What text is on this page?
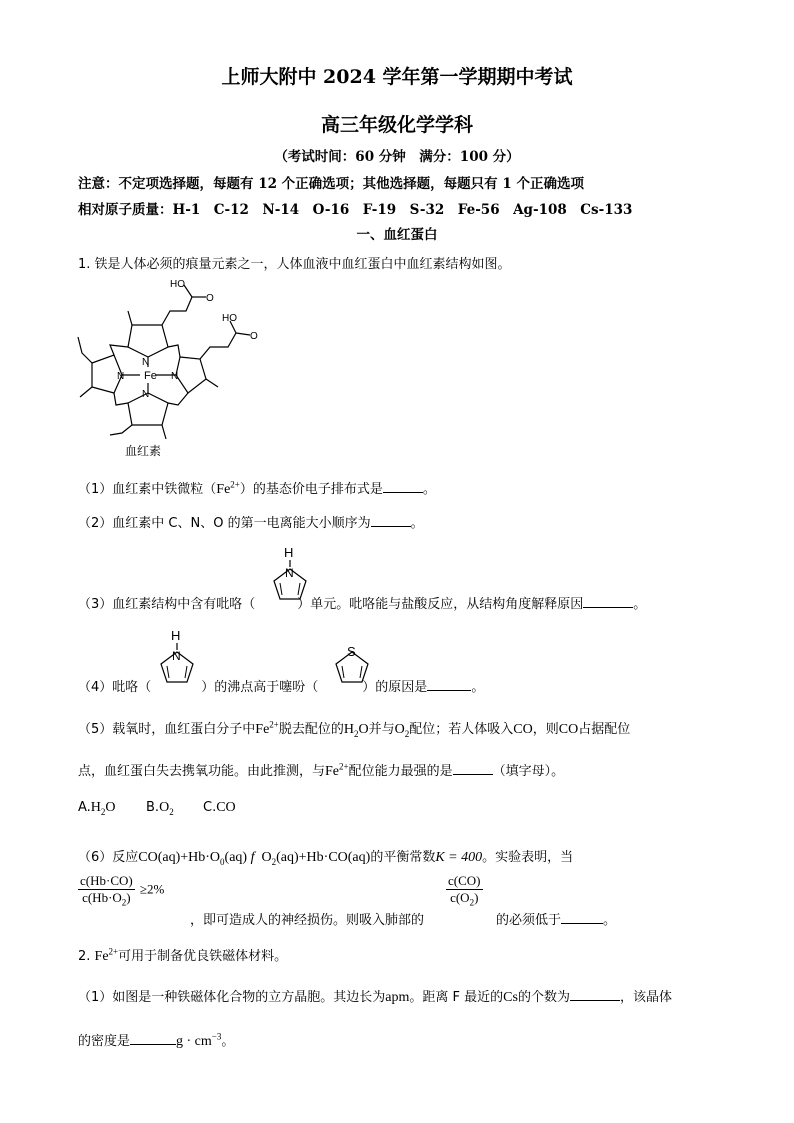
上师大附中 2024 学年第一学期期中考试
高三年级化学学科
（考试时间：60 分钟　满分：100 分）
注意：不定项选择题，每题有 12 个正确选项；其他选择题，每题只有 1 个正确选项
相对原子质量：H-1　C-12　N-14　O-16　F-19　S-32　Fe-56　Ag-108　Cs-133
一、血红蛋白
1. 铁是人体必须的痕量元素之一，人体血液中血红蛋白中血红素结构如图。
Fe
N
N	N
N
HO
O
HO
O
血红素
（1）血红素中铁微粒$(Fe^{2+})$的基态价电子排布式是	。
（2）血红素中 C、N、O 的第一电离能大小顺序为	。
H
N
（3）血红素结构中含有吡咯（	）单元。吡咯能与盐酸反应，从结构角度解释原因	。
H
N	S
（4）吡咯（	）的沸点高于噻吩（	）的原因是	。
（5）载氧时，血红蛋白分子中$Fe^{2+}$脱去配位的$H_2O$并与$O_2$配位；若人体吸入CO，则CO占据配位
点，血红蛋白失去携氧功能。由此推测，与$Fe^{2+}$配位能力最强的是	（填字母）。
$A.H_2O$ $B.O_2$ C.CO
（6）反应$CO(aq)+Hb\cdot O_0(aq)$ f $O_2(aq)+Hb\cdot CO(aq)$的平衡常数K = 400。实验表明，当
$\frac{c(Hb\cdot CO)}{c(Hb\cdot O_2)} \ge 2\%$
，即可造成人的神经损伤。则吸入肺部的
$\frac{c(CO)}{c(O_2)}$
的必须低于	。
2. $Fe^{2+}$可用于制备优良铁磁体材料。
（1）如图是一种铁磁体化合物的立方晶胞。其边长为apm。距离 F 最近的Cs的个数为	，该晶体
的密度是	$g \cdot cm^{-3}$。
